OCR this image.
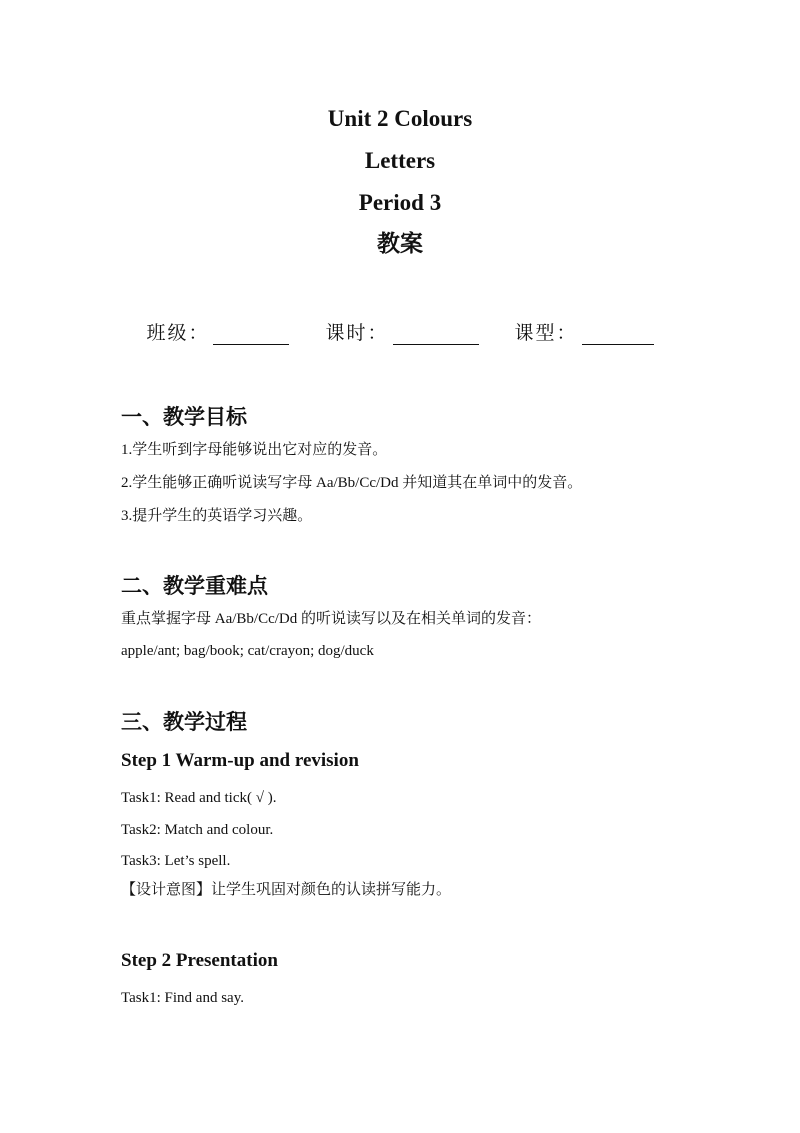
Unit 2 Colours
Letters
Period 3
教案
班级：	课时：	课型：
一、教学目标
1.学生听到字母能够说出它对应的发音。
2.学生能够正确听说读写字母 Aa/Bb/Cc/Dd 并知道其在单词中的发音。
3.提升学生的英语学习兴趣。
二、教学重难点
重点掌握字母 Aa/Bb/Cc/Dd 的听说读写以及在相关单词的发音：
apple/ant; bag/book; cat/crayon; dog/duck
三、教学过程
Step 1 Warm-up and revision
Task1: Read and tick( √ ).
Task2: Match and colour.
Task3: Let’s spell.
【设计意图】让学生巩固对颜色的认读拼写能力。
Step 2 Presentation
Task1: Find and say.
